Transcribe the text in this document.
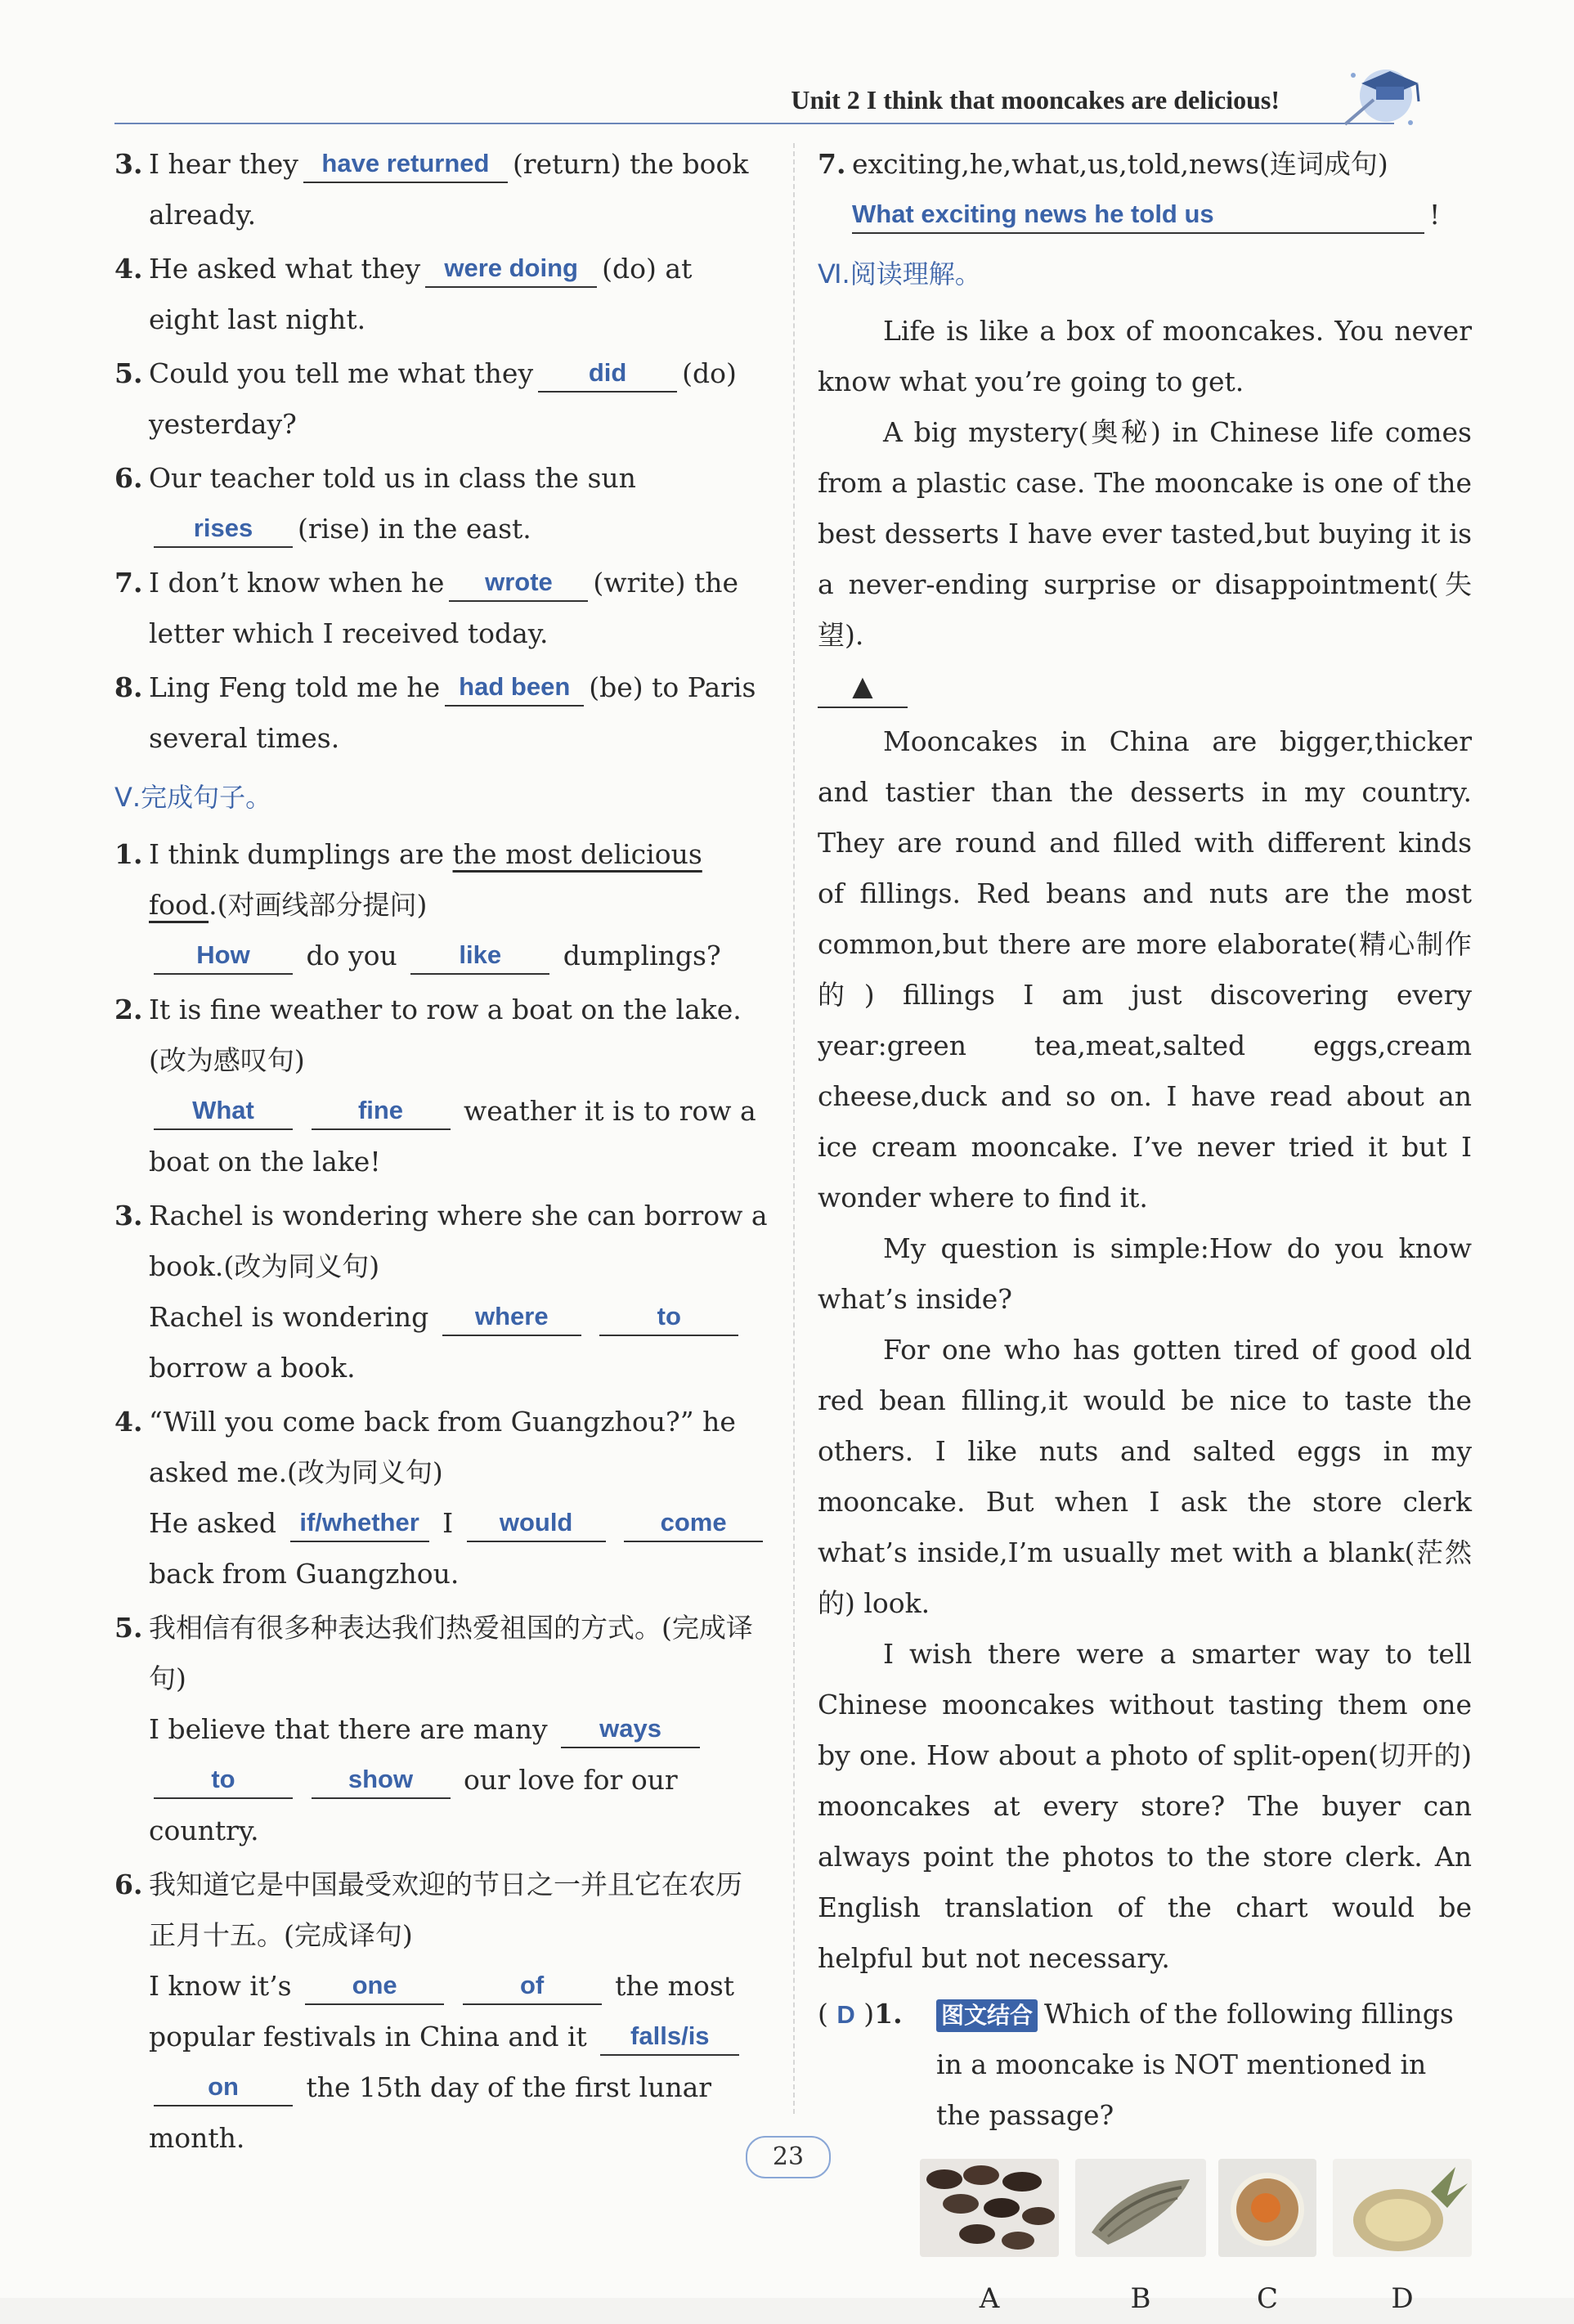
Unit 2 I think that mooncakes are delicious!
3. I hear they have returned (return) the book already.
4. He asked what they were doing (do) at eight last night.
5. Could you tell me what they did (do) yesterday?
6. Our teacher told us in class the sunrises (rise) in the east.
7. I don’t know when he wrote (write) the letter which I received today.
8. Ling Feng told me he had been (be) to Paris several times.
Ⅴ.完成句子。
1. I think dumplings are the most delicious food.(对画线部分提问)
How do you like dumplings?
2. It is fine weather to row a boat on the lake.(改为感叹句)
What	fine weather it is to row a boat on the lake!
3. Rachel is wondering where she can borrow a book.(改为同义句)
Rachel is wondering where	to borrow a book.
4. “Will you come back from Guangzhou?” he asked me.(改为同义句)
He asked if/whether I would	come back from Guangzhou.
5. 我相信有很多种表达我们热爱祖国的方式。(完成译句)
I believe that there are many ways
to	show our love for our country.
6. 我知道它是中国最受欢迎的节日之一并且它在农历正月十五。(完成译句)
I know it’s one	of	the most popular festivals in China and it falls/is on	the 15th day of the first lunar month.
7. exciting,he,what,us,told,news(连词成句)
What exciting news he told us	!
Ⅵ.阅读理解。

Life is like a box of mooncakes. You never know what you’re going to get.

A big mystery(奥秘) in Chinese life comes from a plastic case. The mooncake is one of the best desserts I have ever tasted,but buying it is a never-ending surprise or disappointment(失望).

▲

Mooncakes in China are bigger,thicker and tastier than the desserts in my country. They are round and filled with different kinds of fillings. Red beans and nuts are the most common,but there are more elaborate(精心制作的) fillings I am just discovering every year:green tea,meat,salted eggs,cream cheese,duck and so on. I have read about an ice cream mooncake. I’ve never tried it but I wonder where to find it.

My question is simple:How do you know what’s inside?

For one who has gotten tired of good old red bean filling,it would be nice to taste the others. I like nuts and salted eggs in my mooncake. But when I ask the store clerk what’s inside,I’m usually met with a blank(茫然的) look.

I wish there were a smarter way to tell Chinese mooncakes without tasting them one by one. How about a photo of split-open(切开的) mooncakes at every store? The buyer can always point the photos to the store clerk. An English translation of the chart would be helpful but not necessary.

( D )1. 图文结合 Which of the following fillings in a mooncake is NOT mentioned in the passage?
A	B	C	D
23
